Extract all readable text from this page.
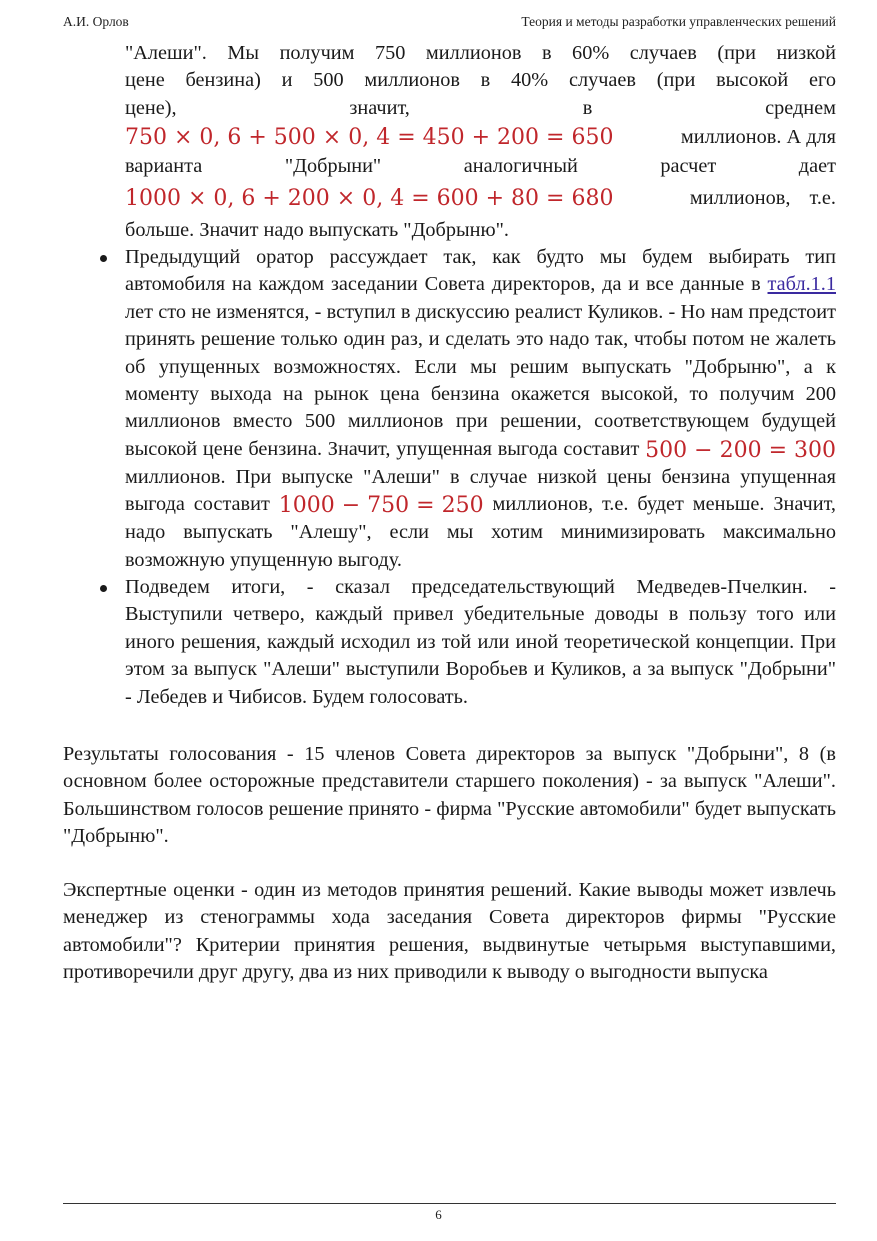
А.И. Орлов	Теория и методы разработки управленческих решений
"Алеши". Мы получим 750 миллионов в 60% случаев (при низкой
цене бензина) и 500 миллионов в 40% случаев (при высокой его
цене), значит, в среднем
750 × 0, 6 + 500 × 0, 4 = 450 + 200 = 650	миллионов. А для
варианта "Добрыни" аналогичный расчет дает
1000 × 0, 6 + 200 × 0, 4 = 600 + 80 = 680	миллионов, т.е.
больше. Значит надо выпускать "Добрыню".

Предыдущий оратор рассуждает так, как будто мы будем выбирать тип автомобиля на каждом заседании Совета директоров, да и все данные в табл.1.1 лет сто не изменятся, - вступил в дискуссию реалист Куликов. - Но нам предстоит принять решение только один раз, и сделать это надо так, чтобы потом не жалеть об упущенных возможностях. Если мы решим выпускать "Добрыню", а к моменту выхода на рынок цена бензина окажется высокой, то получим 200 миллионов вместо 500 миллионов при решении, соответствующем будущей высокой цене бензина. Значит, упущенная выгода составит 500 − 200 = 300 миллионов. При выпуске "Алеши" в случае низкой цены бензина упущенная выгода составит 1000 − 750 = 250 миллионов, т.е. будет меньше. Значит, надо выпускать "Алешу", если мы хотим минимизировать максимально возможную упущенную выгоду.

Подведем итоги, - сказал председательствующий Медведев-Пчелкин. - Выступили четверо, каждый привел убедительные доводы в пользу того или иного решения, каждый исходил из той или иной теоретической концепции. При этом за выпуск "Алеши" выступили Воробьев и Куликов, а за выпуск "Добрыни" - Лебедев и Чибисов. Будем голосовать.

Результаты голосования - 15 членов Совета директоров за выпуск "Добрыни", 8 (в основном более осторожные представители старшего поколения) - за выпуск "Алеши". Большинством голосов решение принято - фирма "Русские автомобили" будет выпускать "Добрыню".

Экспертные оценки - один из методов принятия решений. Какие выводы может извлечь менеджер из стенограммы хода заседания Совета директоров фирмы "Русские автомобили"? Критерии принятия решения, выдвинутые четырьмя выступавшими, противоречили друг другу, два из них приводили к выводу о выгодности выпуска

6
